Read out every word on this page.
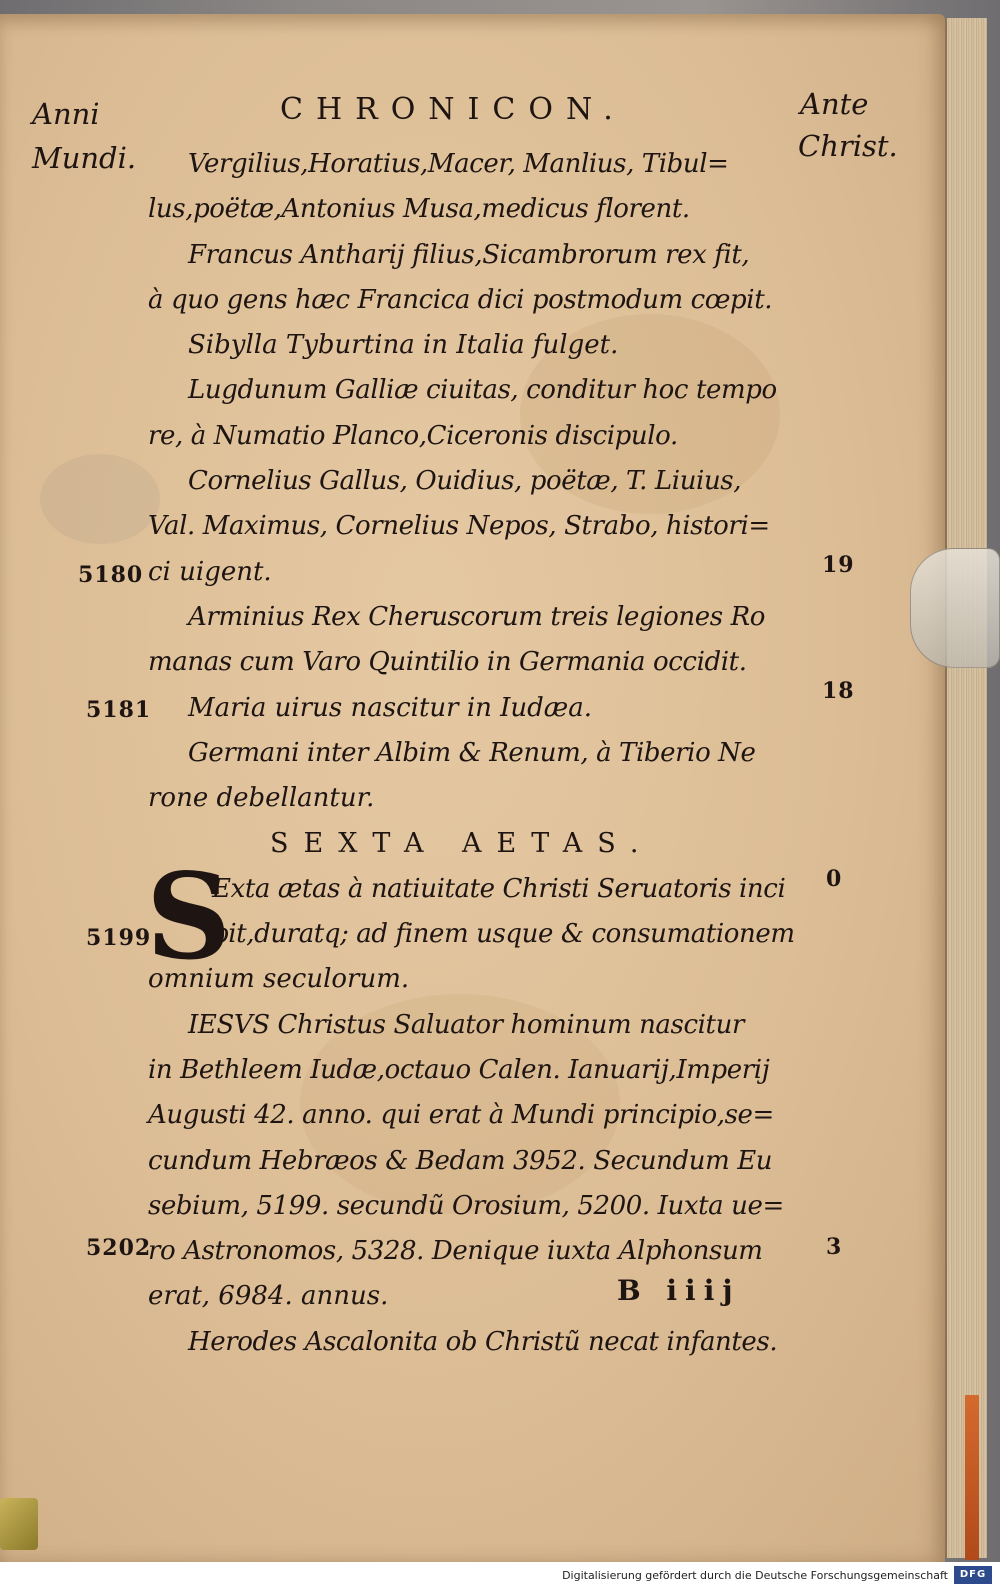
Anni
Mundi.
CHRONICON.	Ante
Christ.
Vergilius,Horatius,Macer, Manlius, Tibul=
lus,poëtæ,Antonius Musa,medicus florent.
Francus Antharij filius,Sicambrorum rex fit,
à quo gens hæc Francica dici postmodum cœpit.
Sibylla Tyburtina in Italia fulget.
Lugdunum Galliæ ciuitas, conditur hoc tempo
re, à Numatio Planco,Ciceronis discipulo.
Cornelius Gallus, Ouidius, poëtæ, T. Liuius,
Val. Maximus, Cornelius Nepos, Strabo, histori=
ci uigent.
Arminius Rex Cheruscorum treis legiones Ro
manas cum Varo Quintilio in Germania occidit.
Maria uirus nascitur in Iudæa.
Germani inter Albim & Renum, à Tiberio Ne
rone debellantur.
SEXTA AETAS.
S
Exta ætas à natiuitate Christi Seruatoris inci
pit,duratq; ad finem usque & consumationem
omnium seculorum.
IESVS Christus Saluator hominum nascitur
in Bethleem Iudæ,octauo Calen. Ianuarij,Imperij
Augusti 42. anno. qui erat à Mundi principio,se=
cundum Hebræos & Bedam 3952. Secundum Eu
sebium, 5199. secundũ Orosium, 5200. Iuxta ue=
ro Astronomos, 5328. Denique iuxta Alphonsum
erat, 6984. annus.
Herodes Ascalonita ob Christũ necat infantes.
5180
5181
5199
5202
19
18
0
3
B iiij
Digitalisierung gefördert durch die Deutsche Forschungsgemeinschaft	DFG
